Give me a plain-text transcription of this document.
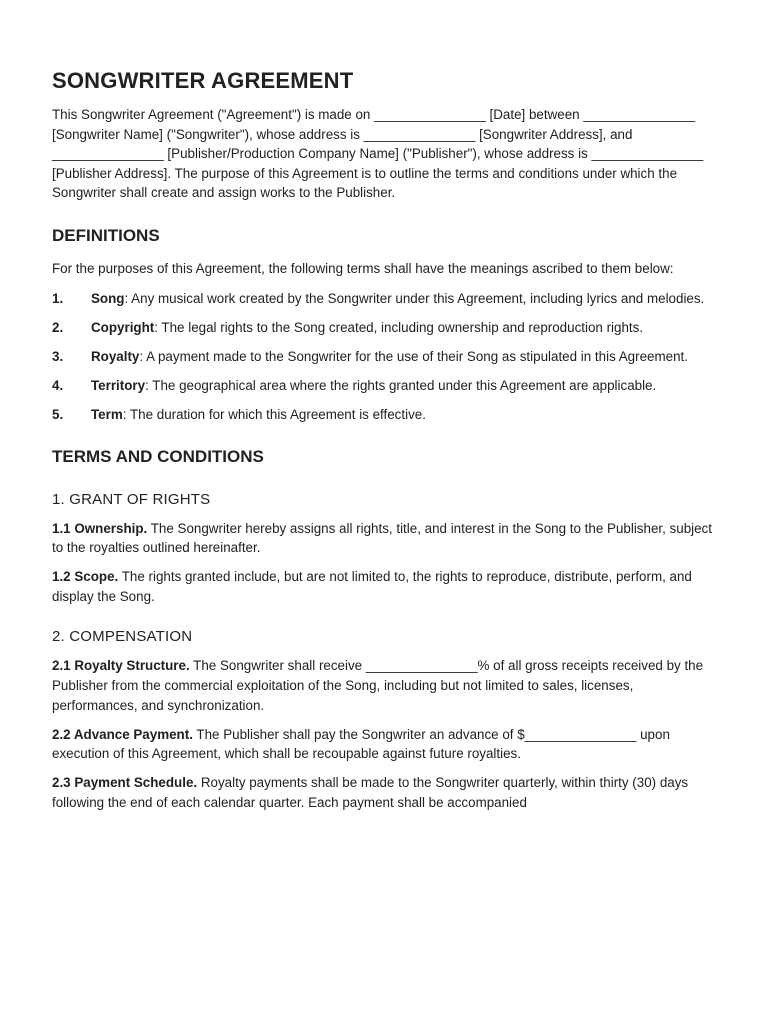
SONGWRITER AGREEMENT

This Songwriter Agreement ("Agreement") is made on _______________ [Date] between _______________ [Songwriter Name] ("Songwriter"), whose address is _______________ [Songwriter Address], and _______________ [Publisher/Production Company Name] ("Publisher"), whose address is _______________ [Publisher Address]. The purpose of this Agreement is to outline the terms and conditions under which the Songwriter shall create and assign works to the Publisher.

DEFINITIONS

For the purposes of this Agreement, the following terms shall have the meanings ascribed to them below:

1.	Song: Any musical work created by the Songwriter under this Agreement, including lyrics and melodies.
2.	Copyright: The legal rights to the Song created, including ownership and reproduction rights.
3.	Royalty: A payment made to the Songwriter for the use of their Song as stipulated in this Agreement.
4.	Territory: The geographical area where the rights granted under this Agreement are applicable.
5.	Term: The duration for which this Agreement is effective.
TERMS AND CONDITIONS
1. GRANT OF RIGHTS

1.1 Ownership. The Songwriter hereby assigns all rights, title, and interest in the Song to the Publisher, subject to the royalties outlined hereinafter.

1.2 Scope. The rights granted include, but are not limited to, the rights to reproduce, distribute, perform, and display the Song.

2. COMPENSATION

2.1 Royalty Structure. The Songwriter shall receive _______________% of all gross receipts received by the Publisher from the commercial exploitation of the Song, including but not limited to sales, licenses, performances, and synchronization.

2.2 Advance Payment. The Publisher shall pay the Songwriter an advance of $_______________ upon execution of this Agreement, which shall be recoupable against future royalties.

2.3 Payment Schedule. Royalty payments shall be made to the Songwriter quarterly, within thirty (30) days following the end of each calendar quarter. Each payment shall be accompanied
